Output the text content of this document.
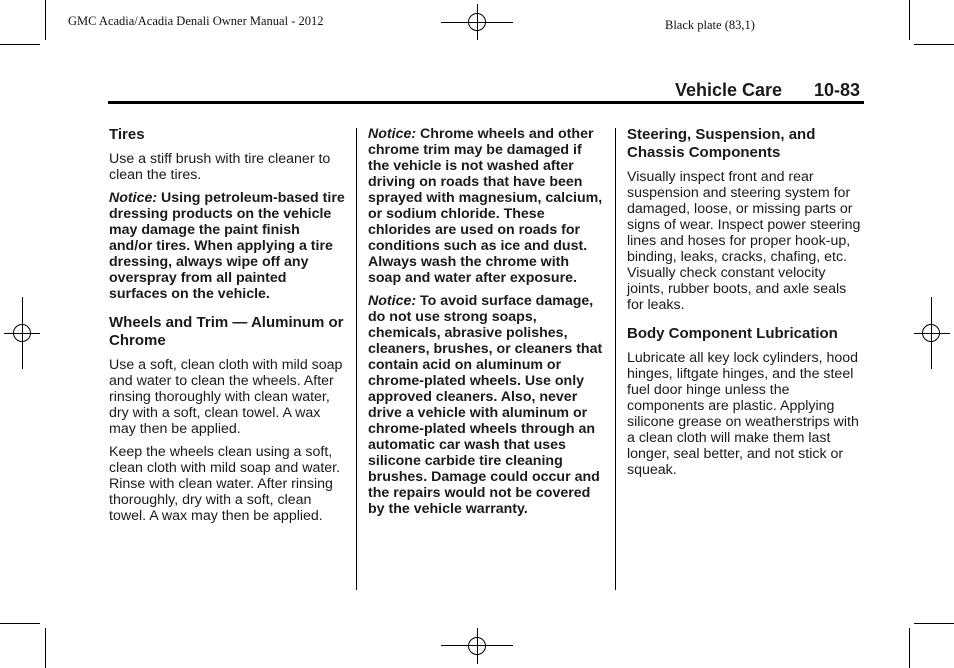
GMC Acadia/Acadia Denali Owner Manual - 2012	Black plate (83,1)
Vehicle Care 10-83
Tires

Use a stiff brush with tire cleaner to clean the tires.

Notice: Using petroleum-based tire dressing products on the vehicle may damage the paint finish and/or tires. When applying a tire dressing, always wipe off any overspray from all painted surfaces on the vehicle.

Wheels and Trim — Aluminum or Chrome

Use a soft, clean cloth with mild soap and water to clean the wheels. After rinsing thoroughly with clean water, dry with a soft, clean towel. A wax may then be applied.

Keep the wheels clean using a soft, clean cloth with mild soap and water. Rinse with clean water. After rinsing thoroughly, dry with a soft, clean towel. A wax may then be applied.

Notice: Chrome wheels and other chrome trim may be damaged if the vehicle is not washed after driving on roads that have been sprayed with magnesium, calcium, or sodium chloride. These chlorides are used on roads for conditions such as ice and dust. Always wash the chrome with soap and water after exposure.

Notice: To avoid surface damage, do not use strong soaps, chemicals, abrasive polishes, cleaners, brushes, or cleaners that contain acid on aluminum or chrome-plated wheels. Use only approved cleaners. Also, never drive a vehicle with aluminum or chrome-plated wheels through an automatic car wash that uses silicone carbide tire cleaning brushes. Damage could occur and the repairs would not be covered by the vehicle warranty.

Steering, Suspension, and Chassis Components

Visually inspect front and rear suspension and steering system for damaged, loose, or missing parts or signs of wear. Inspect power steering lines and hoses for proper hook-up, binding, leaks, cracks, chafing, etc. Visually check constant velocity joints, rubber boots, and axle seals for leaks.

Body Component Lubrication

Lubricate all key lock cylinders, hood hinges, liftgate hinges, and the steel fuel door hinge unless the components are plastic. Applying silicone grease on weatherstrips with a clean cloth will make them last longer, seal better, and not stick or squeak.
